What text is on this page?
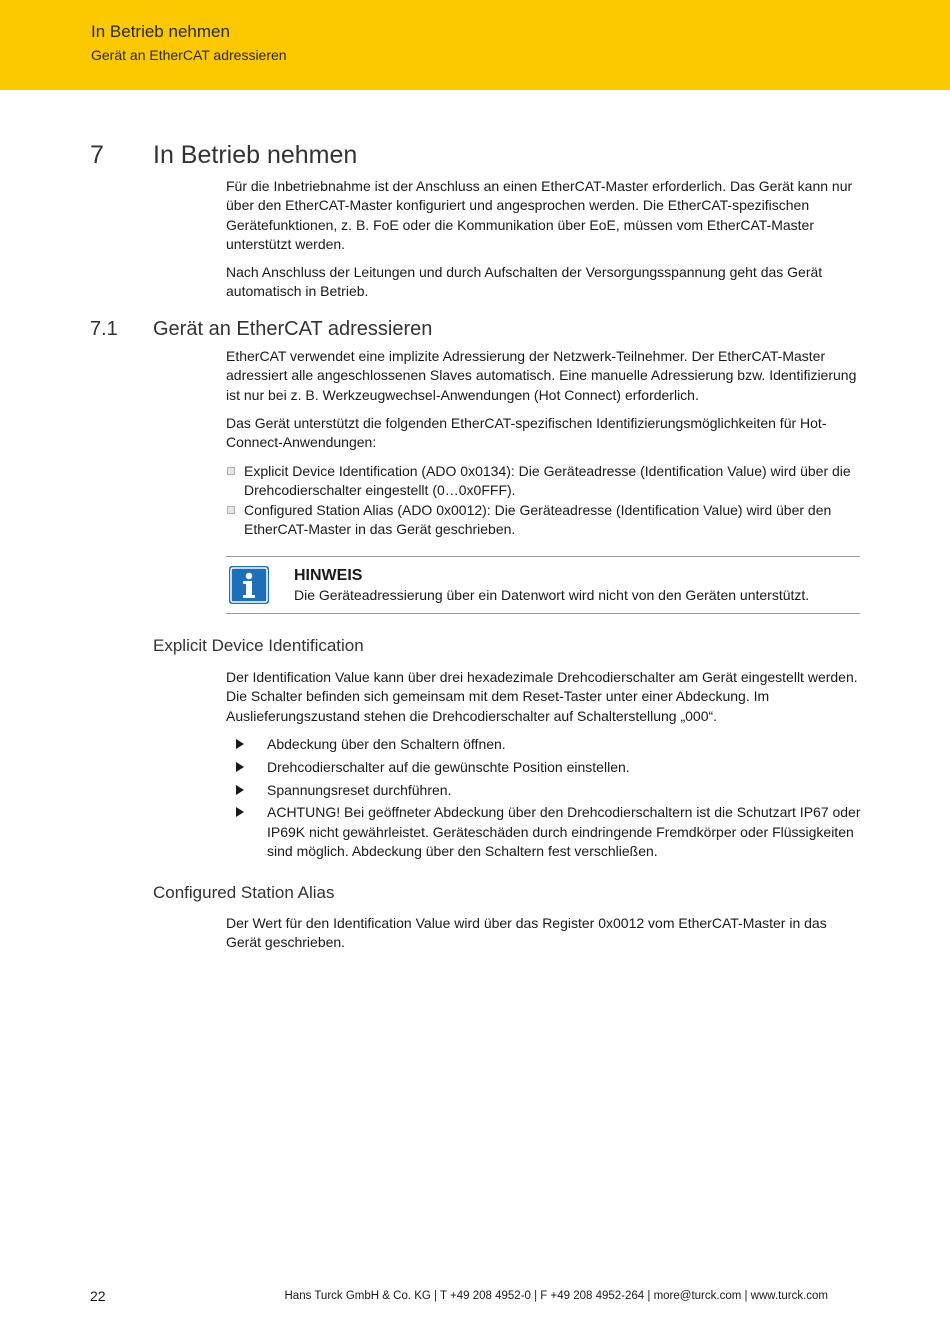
In Betrieb nehmen
Gerät an EtherCAT adressieren
7 In Betrieb nehmen

Für die Inbetriebnahme ist der Anschluss an einen EtherCAT-Master erforderlich. Das Gerät kann nur über den EtherCAT-Master konfiguriert und angesprochen werden. Die EtherCAT-spezifischen Gerätefunktionen, z. B. FoE oder die Kommunikation über EoE, müssen vom EtherCAT-Master unterstützt werden.

Nach Anschluss der Leitungen und durch Aufschalten der Versorgungsspannung geht das Gerät automatisch in Betrieb.

7.1 Gerät an EtherCAT adressieren

EtherCAT verwendet eine implizite Adressierung der Netzwerk-Teilnehmer. Der EtherCAT-Master adressiert alle angeschlossenen Slaves automatisch. Eine manuelle Adressierung bzw. Identifizierung ist nur bei z. B. Werkzeugwechsel-Anwendungen (Hot Connect) erforderlich.

Das Gerät unterstützt die folgenden EtherCAT-spezifischen Identifizierungsmöglichkeiten für Hot-Connect-Anwendungen:

Explicit Device Identification (ADO 0x0134): Die Geräteadresse (Identification Value) wird über die Drehcodierschalter eingestellt (0…0x0FFF).
Configured Station Alias (ADO 0x0012): Die Geräteadresse (Identification Value) wird über den EtherCAT-Master in das Gerät geschrieben.
HINWEIS
Die Geräteadressierung über ein Datenwort wird nicht von den Geräten unterstützt.
Explicit Device Identification

Der Identification Value kann über drei hexadezimale Drehcodierschalter am Gerät eingestellt werden. Die Schalter befinden sich gemeinsam mit dem Reset-Taster unter einer Abdeckung. Im Auslieferungszustand stehen die Drehcodierschalter auf Schalterstellung „000“.

Abdeckung über den Schaltern öffnen.
Drehcodierschalter auf die gewünschte Position einstellen.
Spannungsreset durchführen.
ACHTUNG! Bei geöffneter Abdeckung über den Drehcodierschaltern ist die Schutzart IP67 oder IP69K nicht gewährleistet. Geräteschäden durch eindringende Fremdkörper oder Flüssigkeiten sind möglich. Abdeckung über den Schaltern fest verschließen.
Configured Station Alias

Der Wert für den Identification Value wird über das Register 0x0012 vom EtherCAT-Master in das Gerät geschrieben.

22	Hans Turck GmbH & Co. KG | T +49 208 4952-0 | F +49 208 4952-264 | more@turck.com | www.turck.com
